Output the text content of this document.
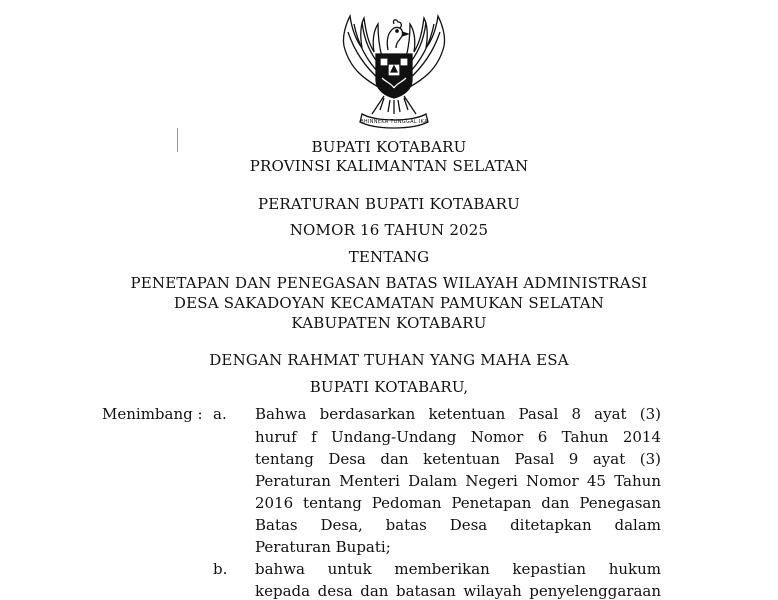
BHINNEKA TUNGGAL IKA
BUPATI KOTABARU
PROVINSI KALIMANTAN SELATAN
PERATURAN BUPATI KOTABARU
NOMOR 16 TAHUN 2025
TENTANG
PENETAPAN DAN PENEGASAN BATAS WILAYAH ADMINISTRASI
DESA SAKADOYAN KECAMATAN PAMUKAN SELATAN
KABUPATEN KOTABARU
DENGAN RAHMAT TUHAN YANG MAHA ESA
BUPATI KOTABARU,
Menimbang : a. Bahwa berdasarkan ketentuan Pasal 8 ayat (3)
huruf f Undang-Undang Nomor 6 Tahun 2014
tentang Desa dan ketentuan Pasal 9 ayat (3)
Peraturan Menteri Dalam Negeri Nomor 45 Tahun
2016 tentang Pedoman Penetapan dan Penegasan
Batas Desa, batas Desa ditetapkan dalam
Peraturan Bupati;
b. bahwa untuk memberikan kepastian hukum
kepada desa dan batasan wilayah penyelenggaraan
